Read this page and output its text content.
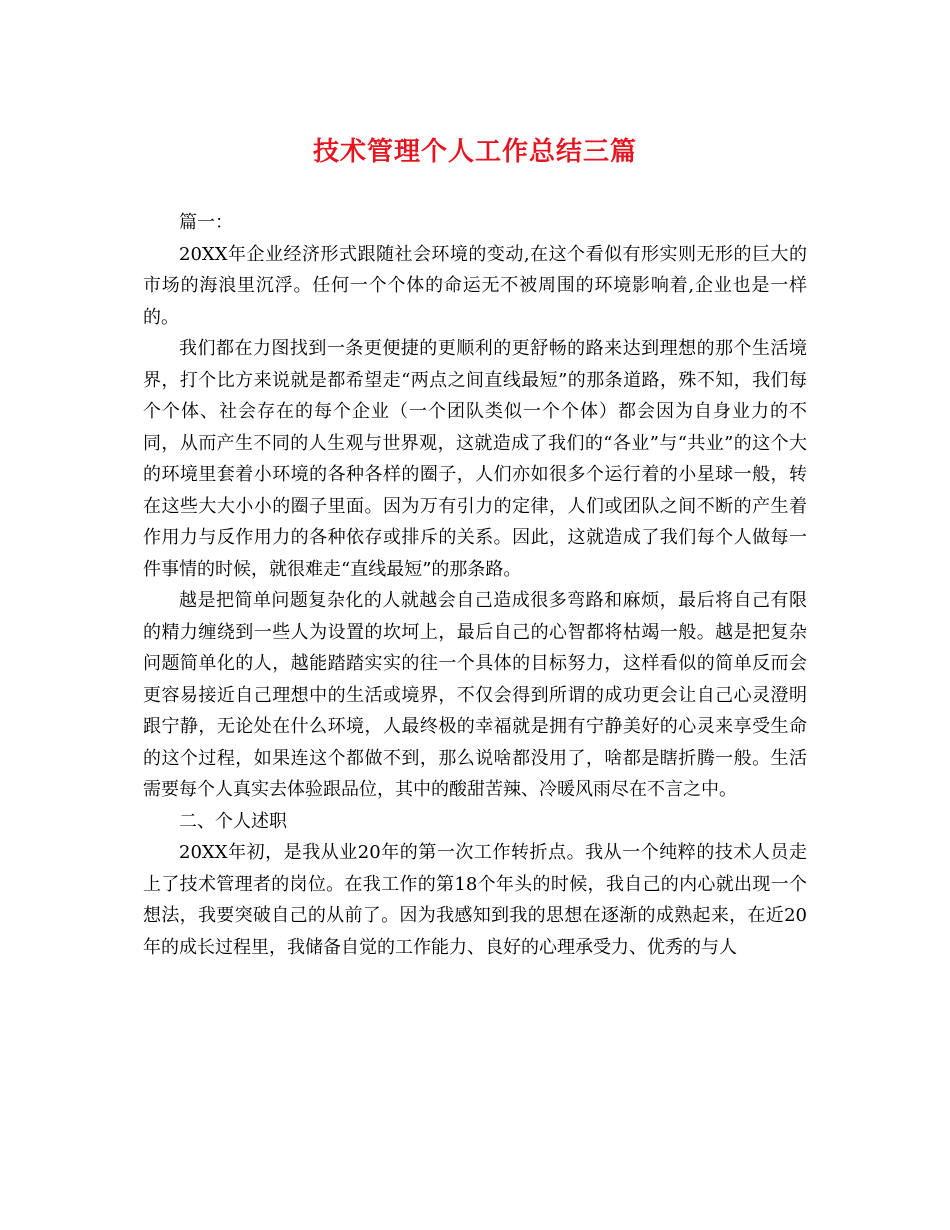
技术管理个人工作总结三篇

篇一：

20XX年企业经济形式跟随社会环境的变动,在这个看似有形实则无形的巨大的市场的海浪里沉浮。任何一个个体的命运无不被周围的环境影响着,企业也是一样的。

我们都在力图找到一条更便捷的更顺利的更舒畅的路来达到理想的那个生活境界，打个比方来说就是都希望走“两点之间直线最短”的那条道路，殊不知，我们每个个体、社会存在的每个企业（一个团队类似一个个体）都会因为自身业力的不同，从而产生不同的人生观与世界观，这就造成了我们的“各业”与“共业”的这个大的环境里套着小环境的各种各样的圈子，人们亦如很多个运行着的小星球一般，转在这些大大小小的圈子里面。因为万有引力的定律，人们或团队之间不断的产生着作用力与反作用力的各种依存或排斥的关系。因此，这就造成了我们每个人做每一件事情的时候，就很难走“直线最短”的那条路。

越是把简单问题复杂化的人就越会自己造成很多弯路和麻烦，最后将自己有限的精力缠绕到一些人为设置的坎坷上，最后自己的心智都将枯竭一般。越是把复杂问题简单化的人，越能踏踏实实的往一个具体的目标努力，这样看似的简单反而会更容易接近自己理想中的生活或境界，不仅会得到所谓的成功更会让自己心灵澄明跟宁静，无论处在什么环境，人最终极的幸福就是拥有宁静美好的心灵来享受生命的这个过程，如果连这个都做不到，那么说啥都没用了，啥都是瞎折腾一般。生活需要每个人真实去体验跟品位，其中的酸甜苦辣、冷暖风雨尽在不言之中。

二、个人述职

20XX年初，是我从业20年的第一次工作转折点。我从一个纯粹的技术人员走上了技术管理者的岗位。在我工作的第18个年头的时候，我自己的内心就出现一个想法，我要突破自己的从前了。因为我感知到我的思想在逐渐的成熟起来，在近20年的成长过程里，我储备自觉的工作能力、良好的心理承受力、优秀的与人
